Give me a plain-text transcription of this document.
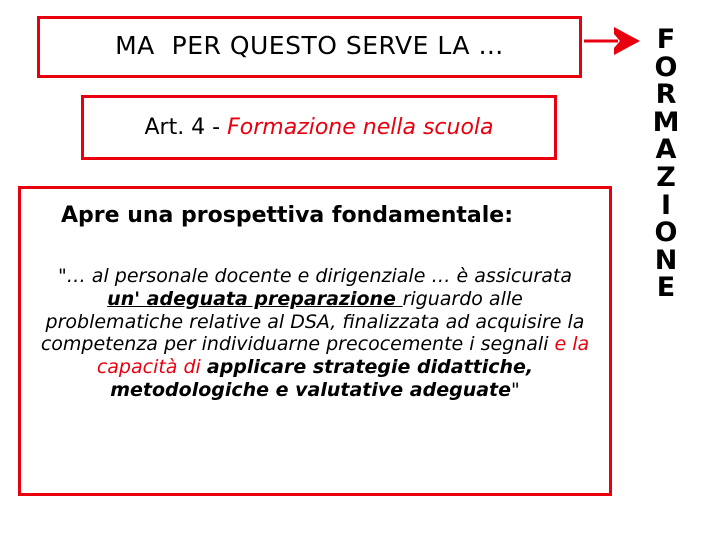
MA  PER QUESTO SERVE LA …
Art. 4 - Formazione nella scuola
Apre una prospettiva fondamentale:
"… al personale docente e dirigenziale … è assicurata un' adeguata preparazione riguardo alle problematiche relative al DSA, finalizzata ad acquisire la competenza per individuarne precocemente i segnali e la capacità di applicare strategie didattiche, metodologiche e valutative adeguate"
F
O
R
M
A
Z
I
O
N
E
